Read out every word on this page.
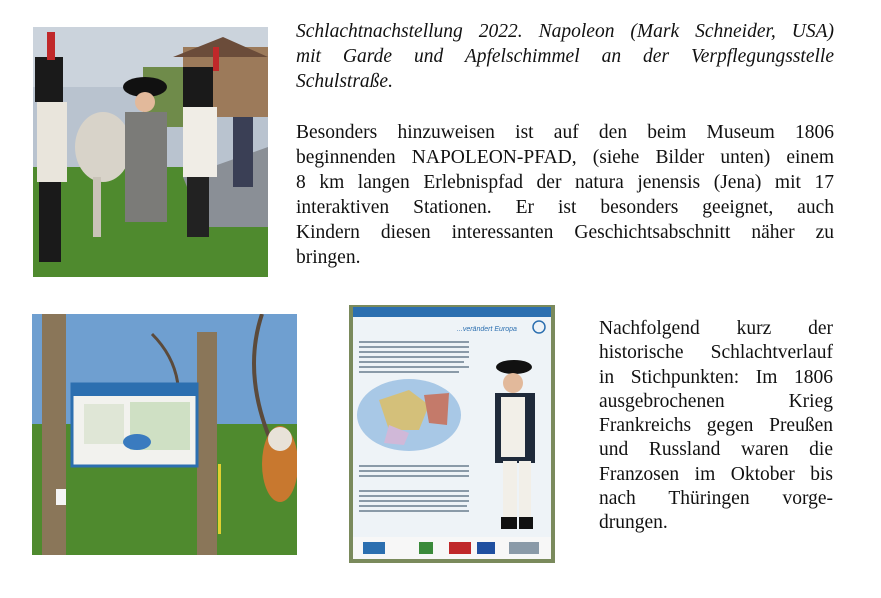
Schlachtnachstellung 2022. Napoleon (Mark Schneider, USA)
mit Garde und Apfelschimmel an der Verpflegungsstelle
Schulstraße.
Besonders hinzuweisen ist auf den beim Museum 1806
beginnenden NAPOLEON-PFAD, (siehe Bilder unten) einem
8 km langen Erlebnispfad der natura jenensis (Jena) mit 17
interaktiven Stationen. Er ist besonders geeignet, auch
Kindern diesen interessanten Geschichtsabschnitt näher zu
bringen.
...verändert Europa	Nachfolgend kurz der
historische Schlachtverlauf
in Stichpunkten: Im 1806
ausgebrochenen Krieg
Frankreichs gegen Preußen
und Russland waren die
Franzosen im Oktober bis
nach Thüringen vorge-
drungen.
